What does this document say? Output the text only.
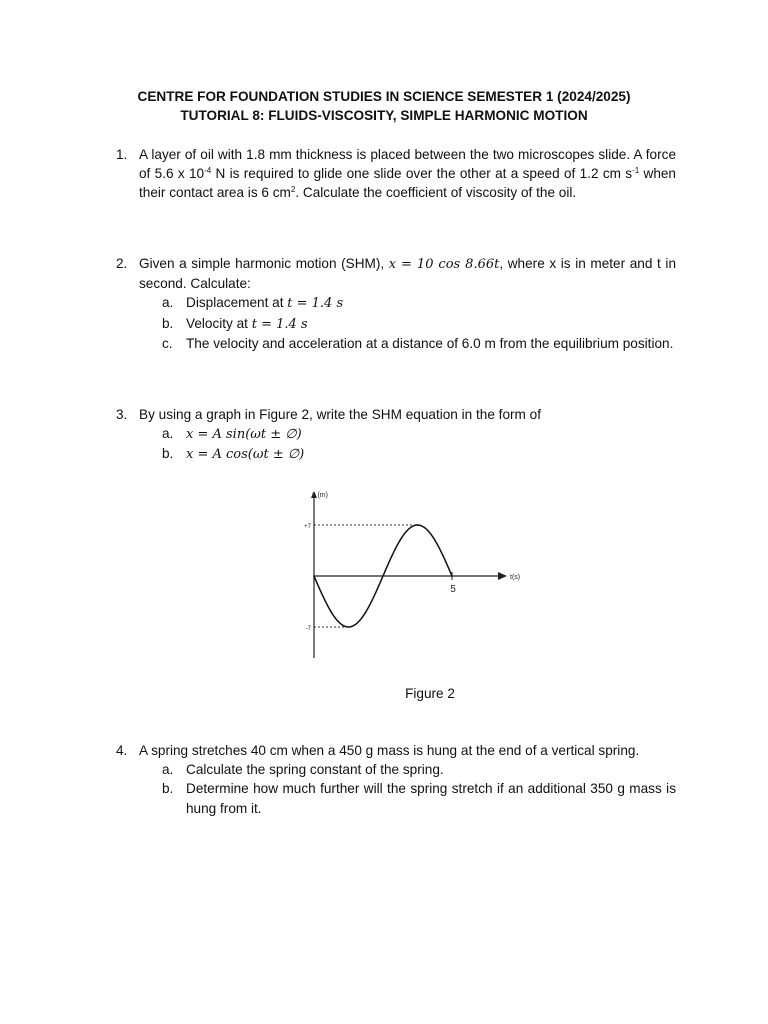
CENTRE FOR FOUNDATION STUDIES IN SCIENCE SEMESTER 1 (2024/2025)
TUTORIAL 8: FLUIDS-VISCOSITY, SIMPLE HARMONIC MOTION
1. A layer of oil with 1.8 mm thickness is placed between the two microscopes slide. A force of 5.6 x $10^{-4}$ N is required to glide one slide over the other at a speed of 1.2 cm $s^{-1}$ when their contact area is 6 $cm^2$. Calculate the coefficient of viscosity of the oil.
2. Given a simple harmonic motion (SHM), x = 10 cos 8.66t, where x is in meter and t in second. Calculate:
a. Displacement at t = 1.4 s
b. Velocity at t = 1.4 s
c. The velocity and acceleration at a distance of 6.0 m from the equilibrium position.
3. By using a graph in Figure 2, write the SHM equation in the form of
a. x = A sin(ωt ± ∅)
b. x = A cos(ωt ± ∅)
x (m)
t(s)
+7
-7
5
Figure 2
4. A spring stretches 40 cm when a 450 g mass is hung at the end of a vertical spring.
a. Calculate the spring constant of the spring.
b. Determine how much further will the spring stretch if an additional 350 g mass is hung from it.
